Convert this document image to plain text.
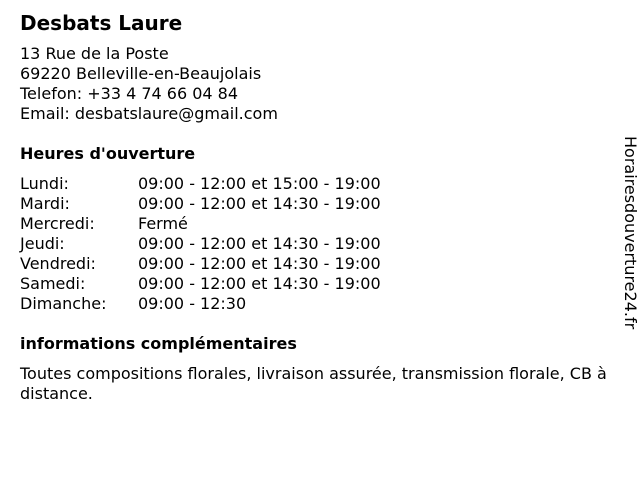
Desbats Laure
13 Rue de la Poste
69220 Belleville-en-Beaujolais
Telefon: +33 4 74 66 04 84
Email: desbatslaure@gmail.com
Heures d'ouverture
Lundi:	09:00 - 12:00 et 15:00 - 19:00
Mardi:	09:00 - 12:00 et 14:30 - 19:00
Mercredi:	Fermé
Jeudi:	09:00 - 12:00 et 14:30 - 19:00
Vendredi:	09:00 - 12:00 et 14:30 - 19:00
Samedi:	09:00 - 12:00 et 14:30 - 19:00
Dimanche:	09:00 - 12:30
informations complémentaires
Toutes compositions florales, livraison assurée, transmission florale, CB à distance.
Horairesdouverture24.fr
